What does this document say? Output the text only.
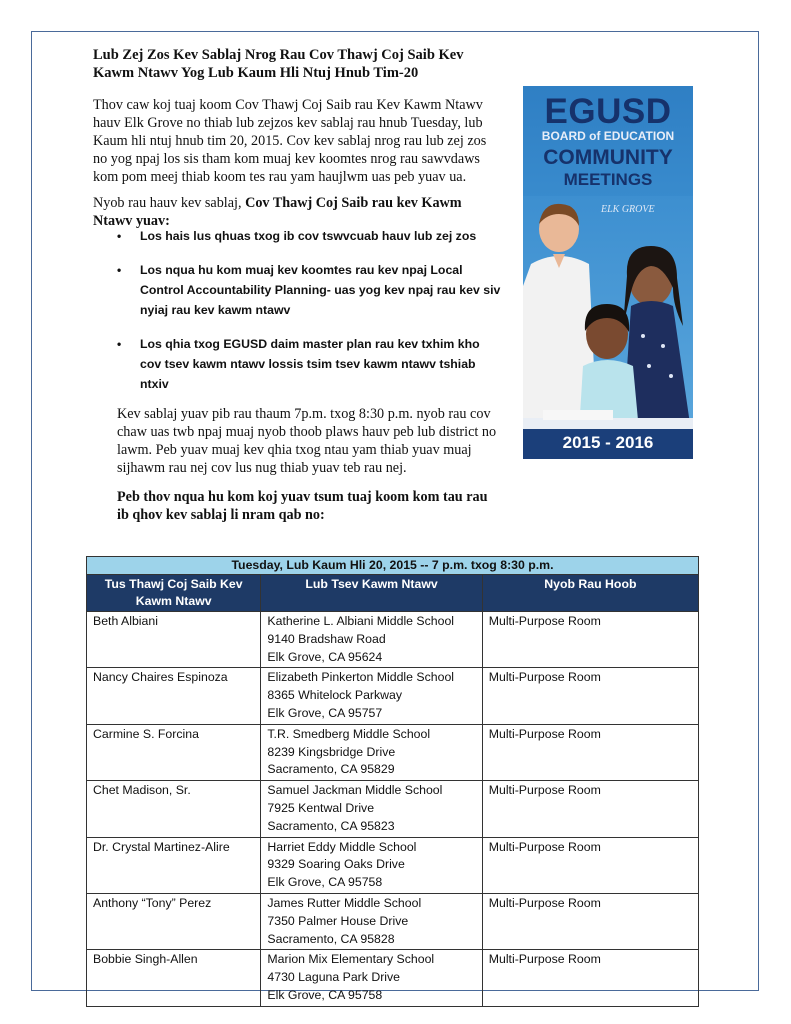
Lub Zej Zos Kev Sablaj Nrog Rau Cov Thawj Coj Saib Kev
Kawm Ntawv Yog Lub Kaum Hli Ntuj Hnub Tim-20
Thov caw koj tuaj koom Cov Thawj Coj Saib rau Kev Kawm Ntawv hauv Elk Grove no thiab lub zejzos kev sablaj rau hnub Tuesday, lub Kaum hli ntuj hnub tim 20, 2015. Cov kev sablaj nrog rau lub zej zos no yog npaj los sis tham kom muaj kev koomtes nrog rau sawvdaws kom pom meej thiab koom tes rau yam haujlwm uas peb yuav ua.
Nyob rau hauv kev sablaj, Cov Thawj Coj Saib rau kev Kawm Ntawv yuav:
• Los hais lus qhuas txog ib cov tswvcuab hauv lub zej zos
• Los nqua hu kom muaj kev koomtes rau kev npaj Local Control Accountability Planning- uas yog kev npaj rau kev siv nyiaj rau kev kawm ntawv
• Los qhia txog EGUSD daim master plan rau kev txhim kho cov tsev kawm ntawv lossis tsim tsev kawm ntawv tshiab ntxiv
Kev sablaj yuav pib rau thaum 7p.m. txog 8:30 p.m. nyob rau cov chaw uas twb npaj muaj nyob thoob plaws hauv peb lub district no lawm. Peb yuav muaj kev qhia txog ntau yam thiab yuav muaj sijhawm rau nej cov lus nug thiab yuav teb rau nej.
Peb thov nqua hu kom koj yuav tsum tuaj koom kom tau rau ib qhov kev sablaj li nram qab no:
EGUSD
BOARD of EDUCATION
COMMUNITY
MEETINGS
ELK GROVE
2015 - 2016
Tuesday, Lub Kaum Hli 20, 2015 -- 7 p.m. txog 8:30 p.m.		
Tus Thawj Coj Saib Kev Kawm Ntawv	Lub Tsev Kawm Ntawv	Nyob Rau Hoob
Beth Albiani	Katherine L. Albiani Middle School
9140 Bradshaw Road
Elk Grove, CA 95624	Multi-Purpose Room
Nancy Chaires Espinoza	Elizabeth Pinkerton Middle School
8365 Whitelock Parkway
Elk Grove, CA 95757	Multi-Purpose Room
Carmine S. Forcina	T.R. Smedberg Middle School
8239 Kingsbridge Drive
Sacramento, CA 95829	Multi-Purpose Room
Chet Madison, Sr.	Samuel Jackman Middle School
7925 Kentwal Drive
Sacramento, CA 95823	Multi-Purpose Room
Dr. Crystal Martinez-Alire	Harriet Eddy Middle School
9329 Soaring Oaks Drive
Elk Grove, CA 95758	Multi-Purpose Room
Anthony “Tony” Perez	James Rutter Middle School
7350 Palmer House Drive
Sacramento, CA 95828	Multi-Purpose Room
Bobbie Singh-Allen	Marion Mix Elementary School
4730 Laguna Park Drive
Elk Grove, CA 95758	Multi-Purpose Room
